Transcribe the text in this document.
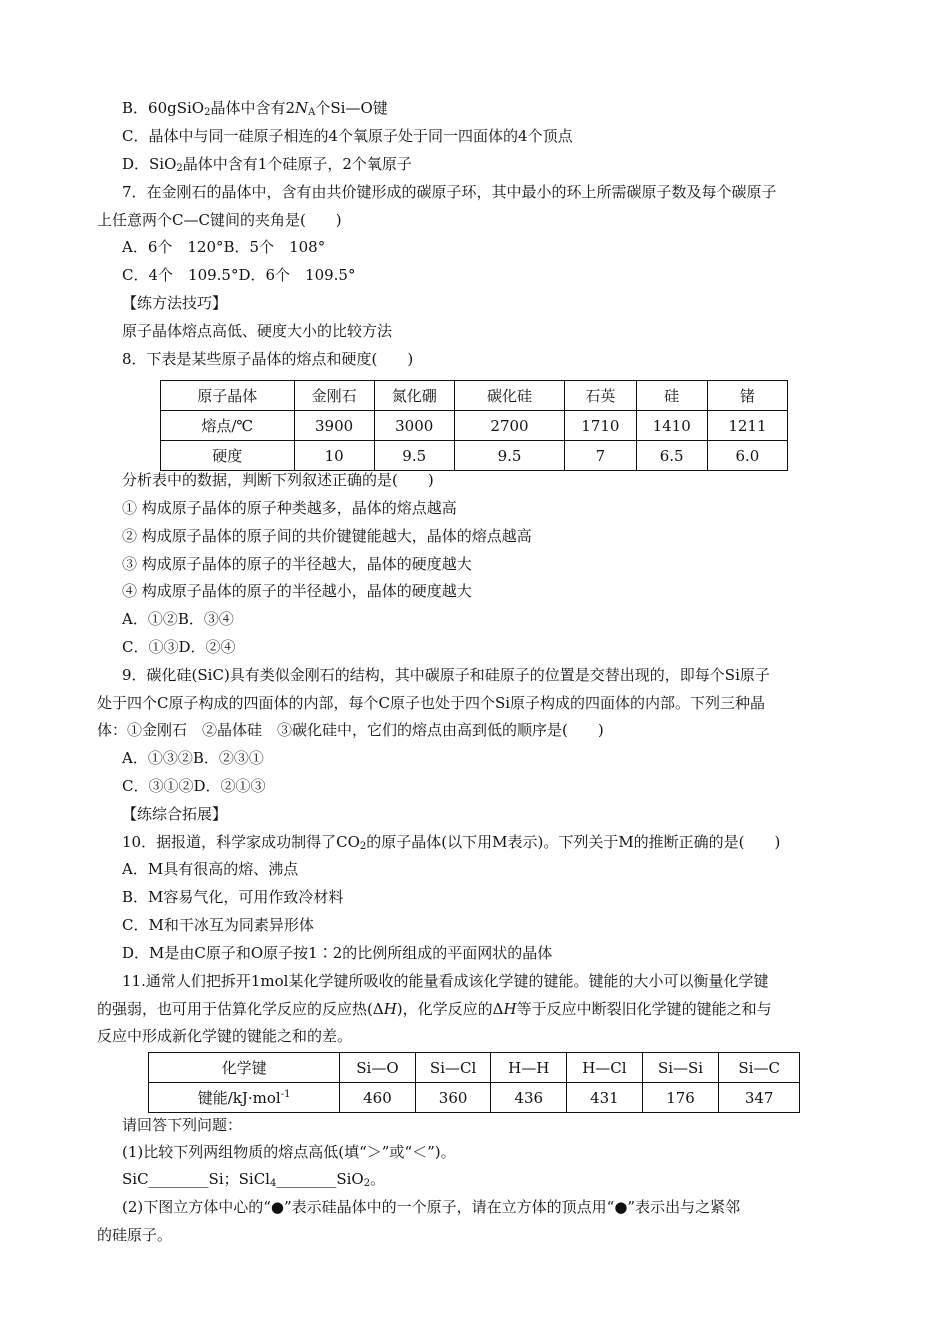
B．60gSiO$_2$晶体中含有$2N_A$个Si—O键
C．晶体中与同一硅原子相连的4个氧原子处于同一四面体的4个顶点
D．SiO$_2$晶体中含有1个硅原子，2个氧原子
7．在金刚石的晶体中，含有由共价键形成的碳原子环，其中最小的环上所需碳原子数及每个碳原子
上任意两个C—C键间的夹角是(　　)
A．6个　120°B．5个　108°
C．4个　109.5°D．6个　109.5°
【练方法技巧】
原子晶体熔点高低、硬度大小的比较方法
8．下表是某些原子晶体的熔点和硬度(　　)
原子晶体	金刚石	氮化硼	碳化硅	石英	硅	锗
熔点/℃	3900	3000	2700	1710	1410	1211
硬度	10	9.5	9.5	7	6.5	6.0
分析表中的数据，判断下列叙述正确的是(　　)
① 构成原子晶体的原子种类越多，晶体的熔点越高
② 构成原子晶体的原子间的共价键键能越大，晶体的熔点越高
③ 构成原子晶体的原子的半径越大，晶体的硬度越大
④ 构成原子晶体的原子的半径越小，晶体的硬度越大
A．①②B．③④
C．①③D．②④
9．碳化硅(SiC)具有类似金刚石的结构，其中碳原子和硅原子的位置是交替出现的，即每个Si原子
处于四个C原子构成的四面体的内部，每个C原子也处于四个Si原子构成的四面体的内部。下列三种晶
体：①金刚石　②晶体硅　③碳化硅中，它们的熔点由高到低的顺序是(　　)
A．①③②B．②③①
C．③①②D．②①③
【练综合拓展】
10．据报道，科学家成功制得了$CO_2$的原子晶体(以下用M表示)。下列关于M的推断正确的是(　　)
A．M具有很高的熔、沸点
B．M容易气化，可用作致冷材料
C．M和干冰互为同素异形体
D．M是由C原子和O原子按1∶2的比例所组成的平面网状的晶体
11.通常人们把拆开1mol某化学键所吸收的能量看成该化学键的键能。键能的大小可以衡量化学键
的强弱，也可用于估算化学反应的反应热(ΔH)，化学反应的ΔH等于反应中断裂旧化学键的键能之和与
反应中形成新化学键的键能之和的差。
化学键	Si—O	Si—Cl	H—H	H—Cl	Si—Si	Si—C
键能/kJ·mol$^{-1}$	460	360	436	431	176	347
请回答下列问题：
(1)比较下列两组物质的熔点高低(填“＞”或“＜”)。
SiC________Si；SiCl$_4$________SiO$_2$。
(2)下图立方体中心的“●”表示硅晶体中的一个原子，请在立方体的顶点用“●”表示出与之紧邻
的硅原子。
